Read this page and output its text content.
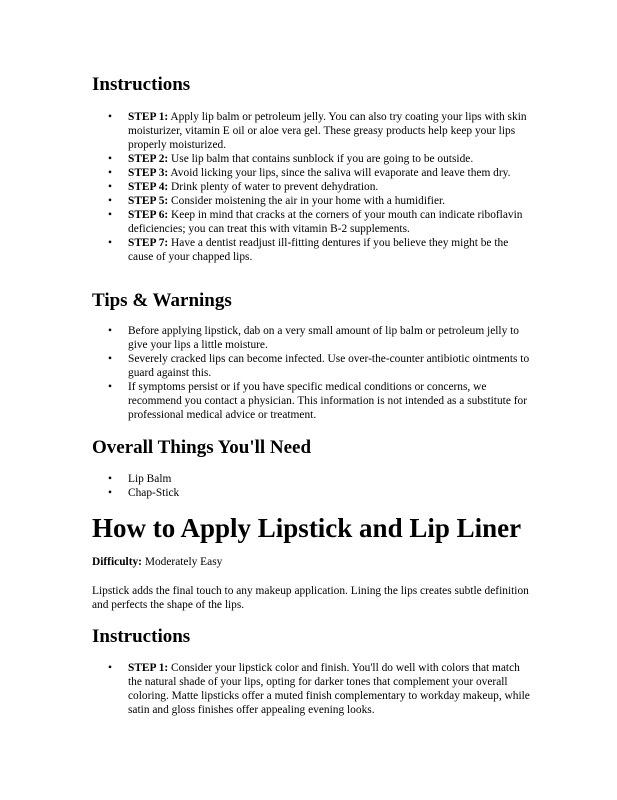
Instructions
• STEP 1: Apply lip balm or petroleum jelly. You can also try coating your lips with skin moisturizer, vitamin E oil or aloe vera gel. These greasy products help keep your lips properly moisturized.
• STEP 2: Use lip balm that contains sunblock if you are going to be outside.
• STEP 3: Avoid licking your lips, since the saliva will evaporate and leave them dry.
• STEP 4: Drink plenty of water to prevent dehydration.
• STEP 5: Consider moistening the air in your home with a humidifier.
• STEP 6: Keep in mind that cracks at the corners of your mouth can indicate riboflavin deficiencies; you can treat this with vitamin B-2 supplements.
• STEP 7: Have a dentist readjust ill-fitting dentures if you believe they might be the cause of your chapped lips.
Tips & Warnings
• Before applying lipstick, dab on a very small amount of lip balm or petroleum jelly to give your lips a little moisture.
• Severely cracked lips can become infected. Use over-the-counter antibiotic ointments to guard against this.
• If symptoms persist or if you have specific medical conditions or concerns, we recommend you contact a physician. This information is not intended as a substitute for professional medical advice or treatment.
Overall Things You'll Need
• Lip Balm
• Chap-Stick
How to Apply Lipstick and Lip Liner

Difficulty: Moderately Easy

Lipstick adds the final touch to any makeup application. Lining the lips creates subtle definition and perfects the shape of the lips.

Instructions
• STEP 1: Consider your lipstick color and finish. You'll do well with colors that match the natural shade of your lips, opting for darker tones that complement your overall coloring. Matte lipsticks offer a muted finish complementary to workday makeup, while satin and gloss finishes offer appealing evening looks.
